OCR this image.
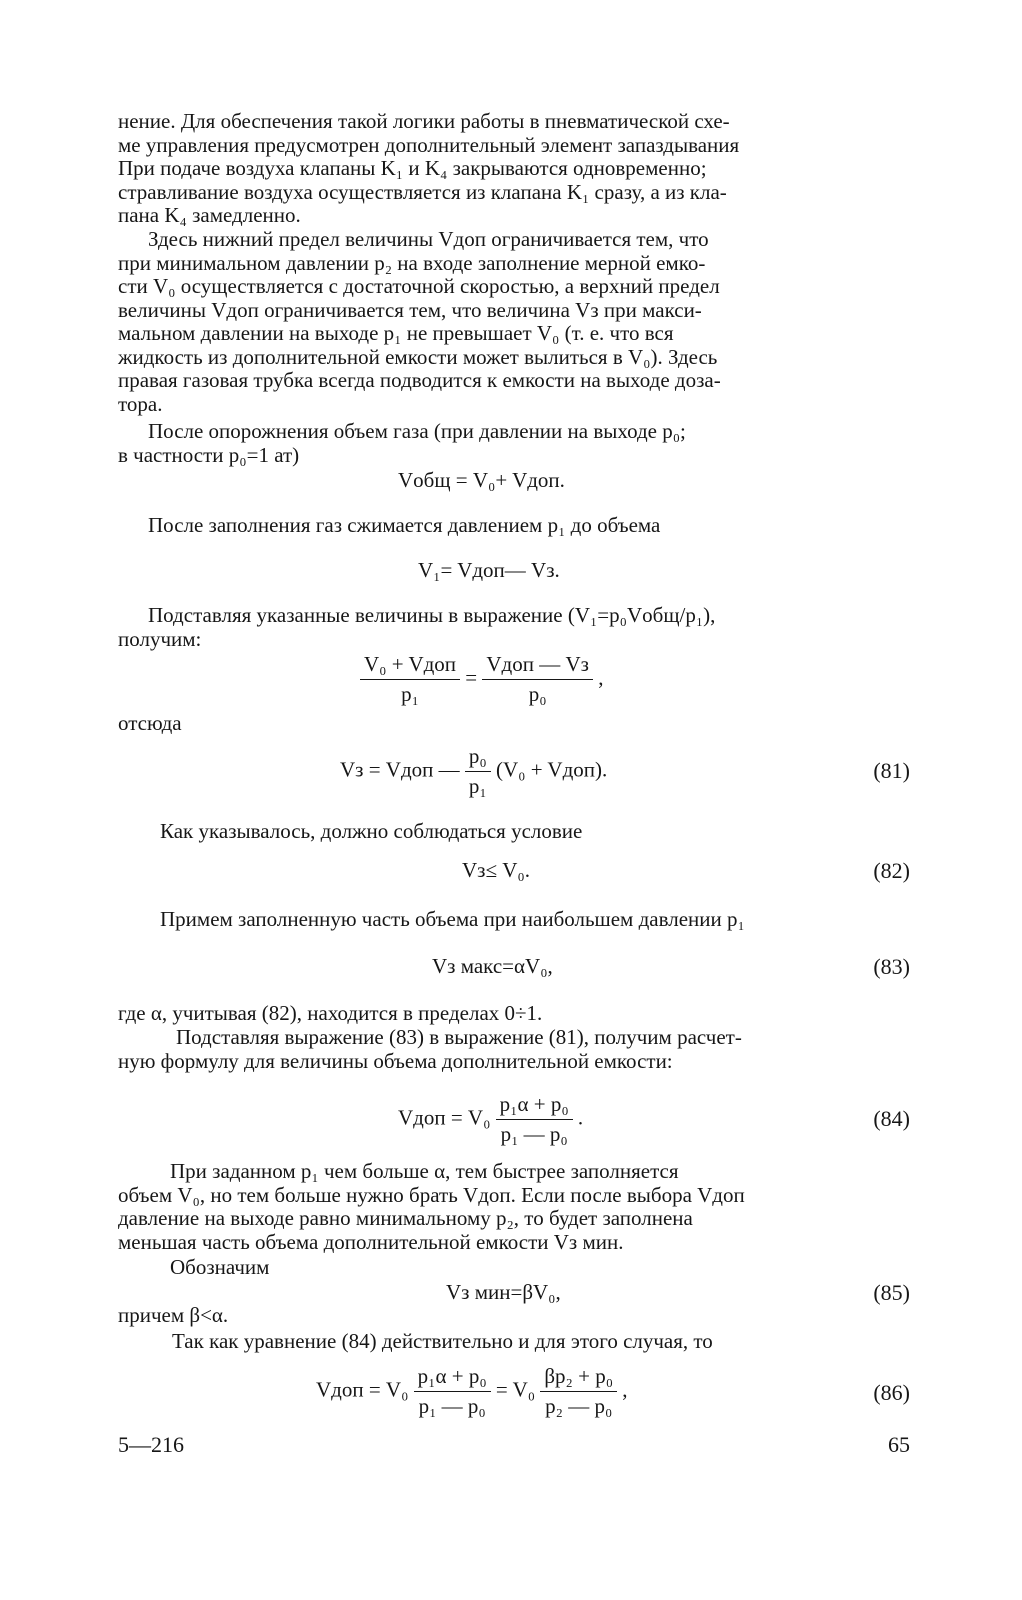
нение. Для обеспечения такой логики работы в пневматической схе-
ме управления предусмотрен дополнительный элемент запаздывания
При подаче воздуха клапаны K₁ и K₄ закрываются одновременно;
стравливание воздуха осуществляется из клапана K₁ сразу, а из кла-
пана K₄ замедленно.
Здесь нижний предел величины Vдоп ограничивается тем, что
при минимальном давлении p₂ на входе заполнение мерной емко-
сти V₀ осуществляется с достаточной скоростью, а верхний предел
величины Vдоп ограничивается тем, что величина Vз при макси-
мальном давлении на выходе p₁ не превышает V₀ (т. е. что вся
жидкость из дополнительной емкости может вылиться в V₀). Здесь
правая газовая трубка всегда подводится к емкости на выходе доза-
тора.
После опорожнения объем газа (при давлении на выходе p₀;
в частности p₀=1 ат)
Vобщ = V₀+ Vдоп.
После заполнения газ сжимается давлением p₁ до объема
V₁= Vдоп— Vз.
Подставляя указанные величины в выражение (V₁=p₀Vобщ/p₁),
получим:
$\frac{\text{V₀ + Vдоп}}{\text{p₁}} = \frac{\text{Vдоп — Vз}}{\text{p₀}}$ ,
отсюда
Vз = Vдоп — $\frac{\text{p₀}}{\text{p₁}} (V_0$ + Vдоп).	(81)
Как указывалось, должно соблюдаться условие
Vз≤ V₀.	(82)
Примем заполненную часть объема при наибольшем давлении p₁
Vз макс=αV₀,	(83)
где α, учитывая (82), находится в пределах 0÷1.
Подставляя выражение (83) в выражение (81), получим расчет-
ную формулу для величины объема дополнительной емкости:
Vдоп = $V_0 \frac{\text{p₁α + p₀}}{\text{p₁ — p₀}}$ .	(84)
При заданном p₁ чем больше α, тем быстрее заполняется
объем V₀, но тем больше нужно брать Vдоп. Если после выбора Vдоп
давление на выходе равно минимальному p₂, то будет заполнена
меньшая часть объема дополнительной емкости Vз мин.
Обозначим
Vз мин=βV₀,	(85)
причем β<α.
Так как уравнение (84) действительно и для этого случая, то
Vдоп = $V_0 \frac{\text{p₁α + p₀}}{\text{p₁ — p₀}} = V_0 \frac{\text{βp₂ + p₀}}{\text{p₂ — p₀}}$ ,	(86)
5—216	65
